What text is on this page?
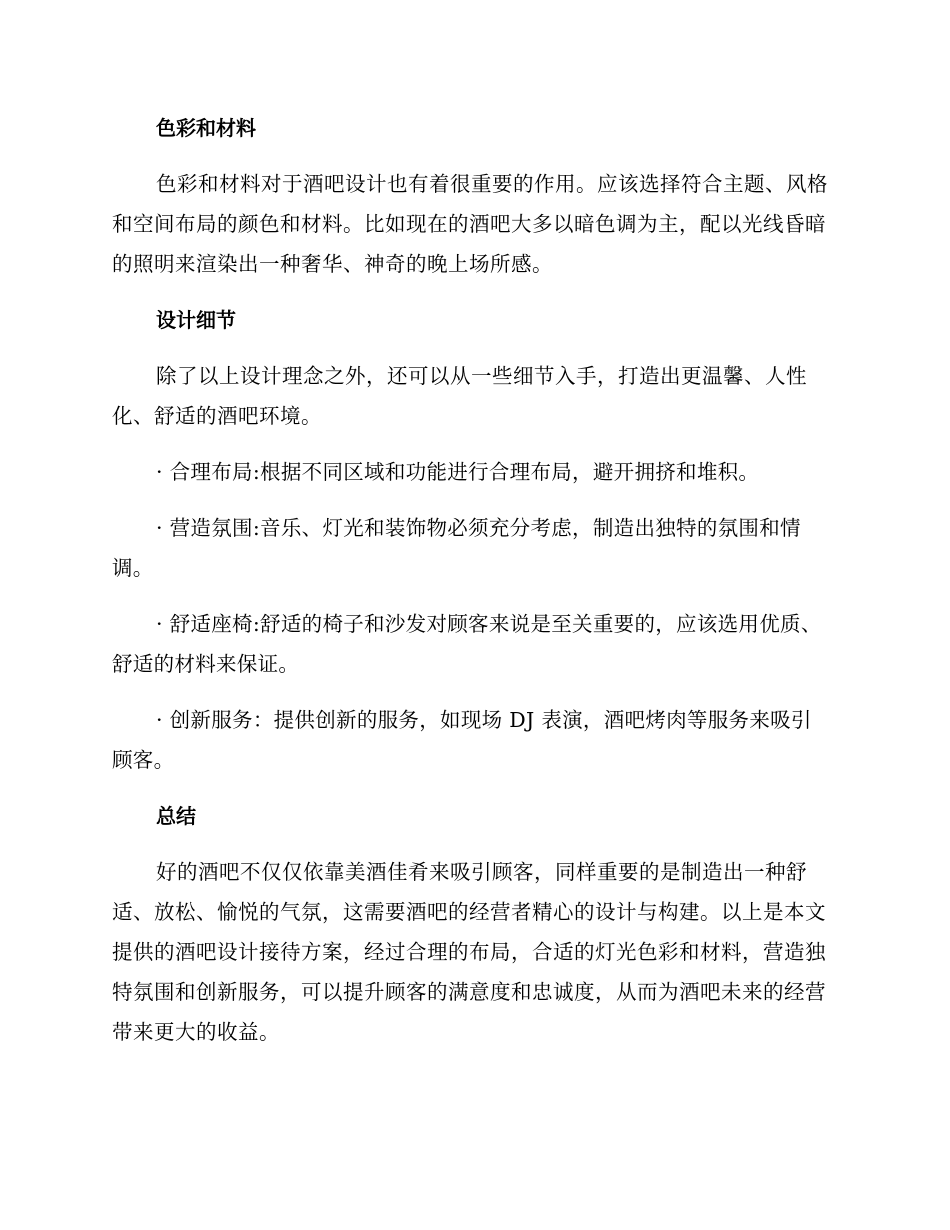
色彩和材料

色彩和材料对于酒吧设计也有着很重要的作用。应该选择符合主题、风格和空间布局的颜色和材料。比如现在的酒吧大多以暗色调为主，配以光线昏暗的照明来渲染出一种奢华、神奇的晚上场所感。

设计细节

除了以上设计理念之外，还可以从一些细节入手，打造出更温馨、人性化、舒适的酒吧环境。

· 合理布局:根据不同区域和功能进行合理布局，避开拥挤和堆积。

· 营造氛围:音乐、灯光和装饰物必须充分考虑，制造出独特的氛围和情调。

· 舒适座椅:舒适的椅子和沙发对顾客来说是至关重要的，应该选用优质、舒适的材料来保证。

· 创新服务：提供创新的服务，如现场 DJ 表演，酒吧烤肉等服务来吸引顾客。

总结

好的酒吧不仅仅依靠美酒佳肴来吸引顾客，同样重要的是制造出一种舒适、放松、愉悦的气氛，这需要酒吧的经营者精心的设计与构建。以上是本文提供的酒吧设计接待方案，经过合理的布局，合适的灯光色彩和材料，营造独特氛围和创新服务，可以提升顾客的满意度和忠诚度，从而为酒吧未来的经营带来更大的收益。
